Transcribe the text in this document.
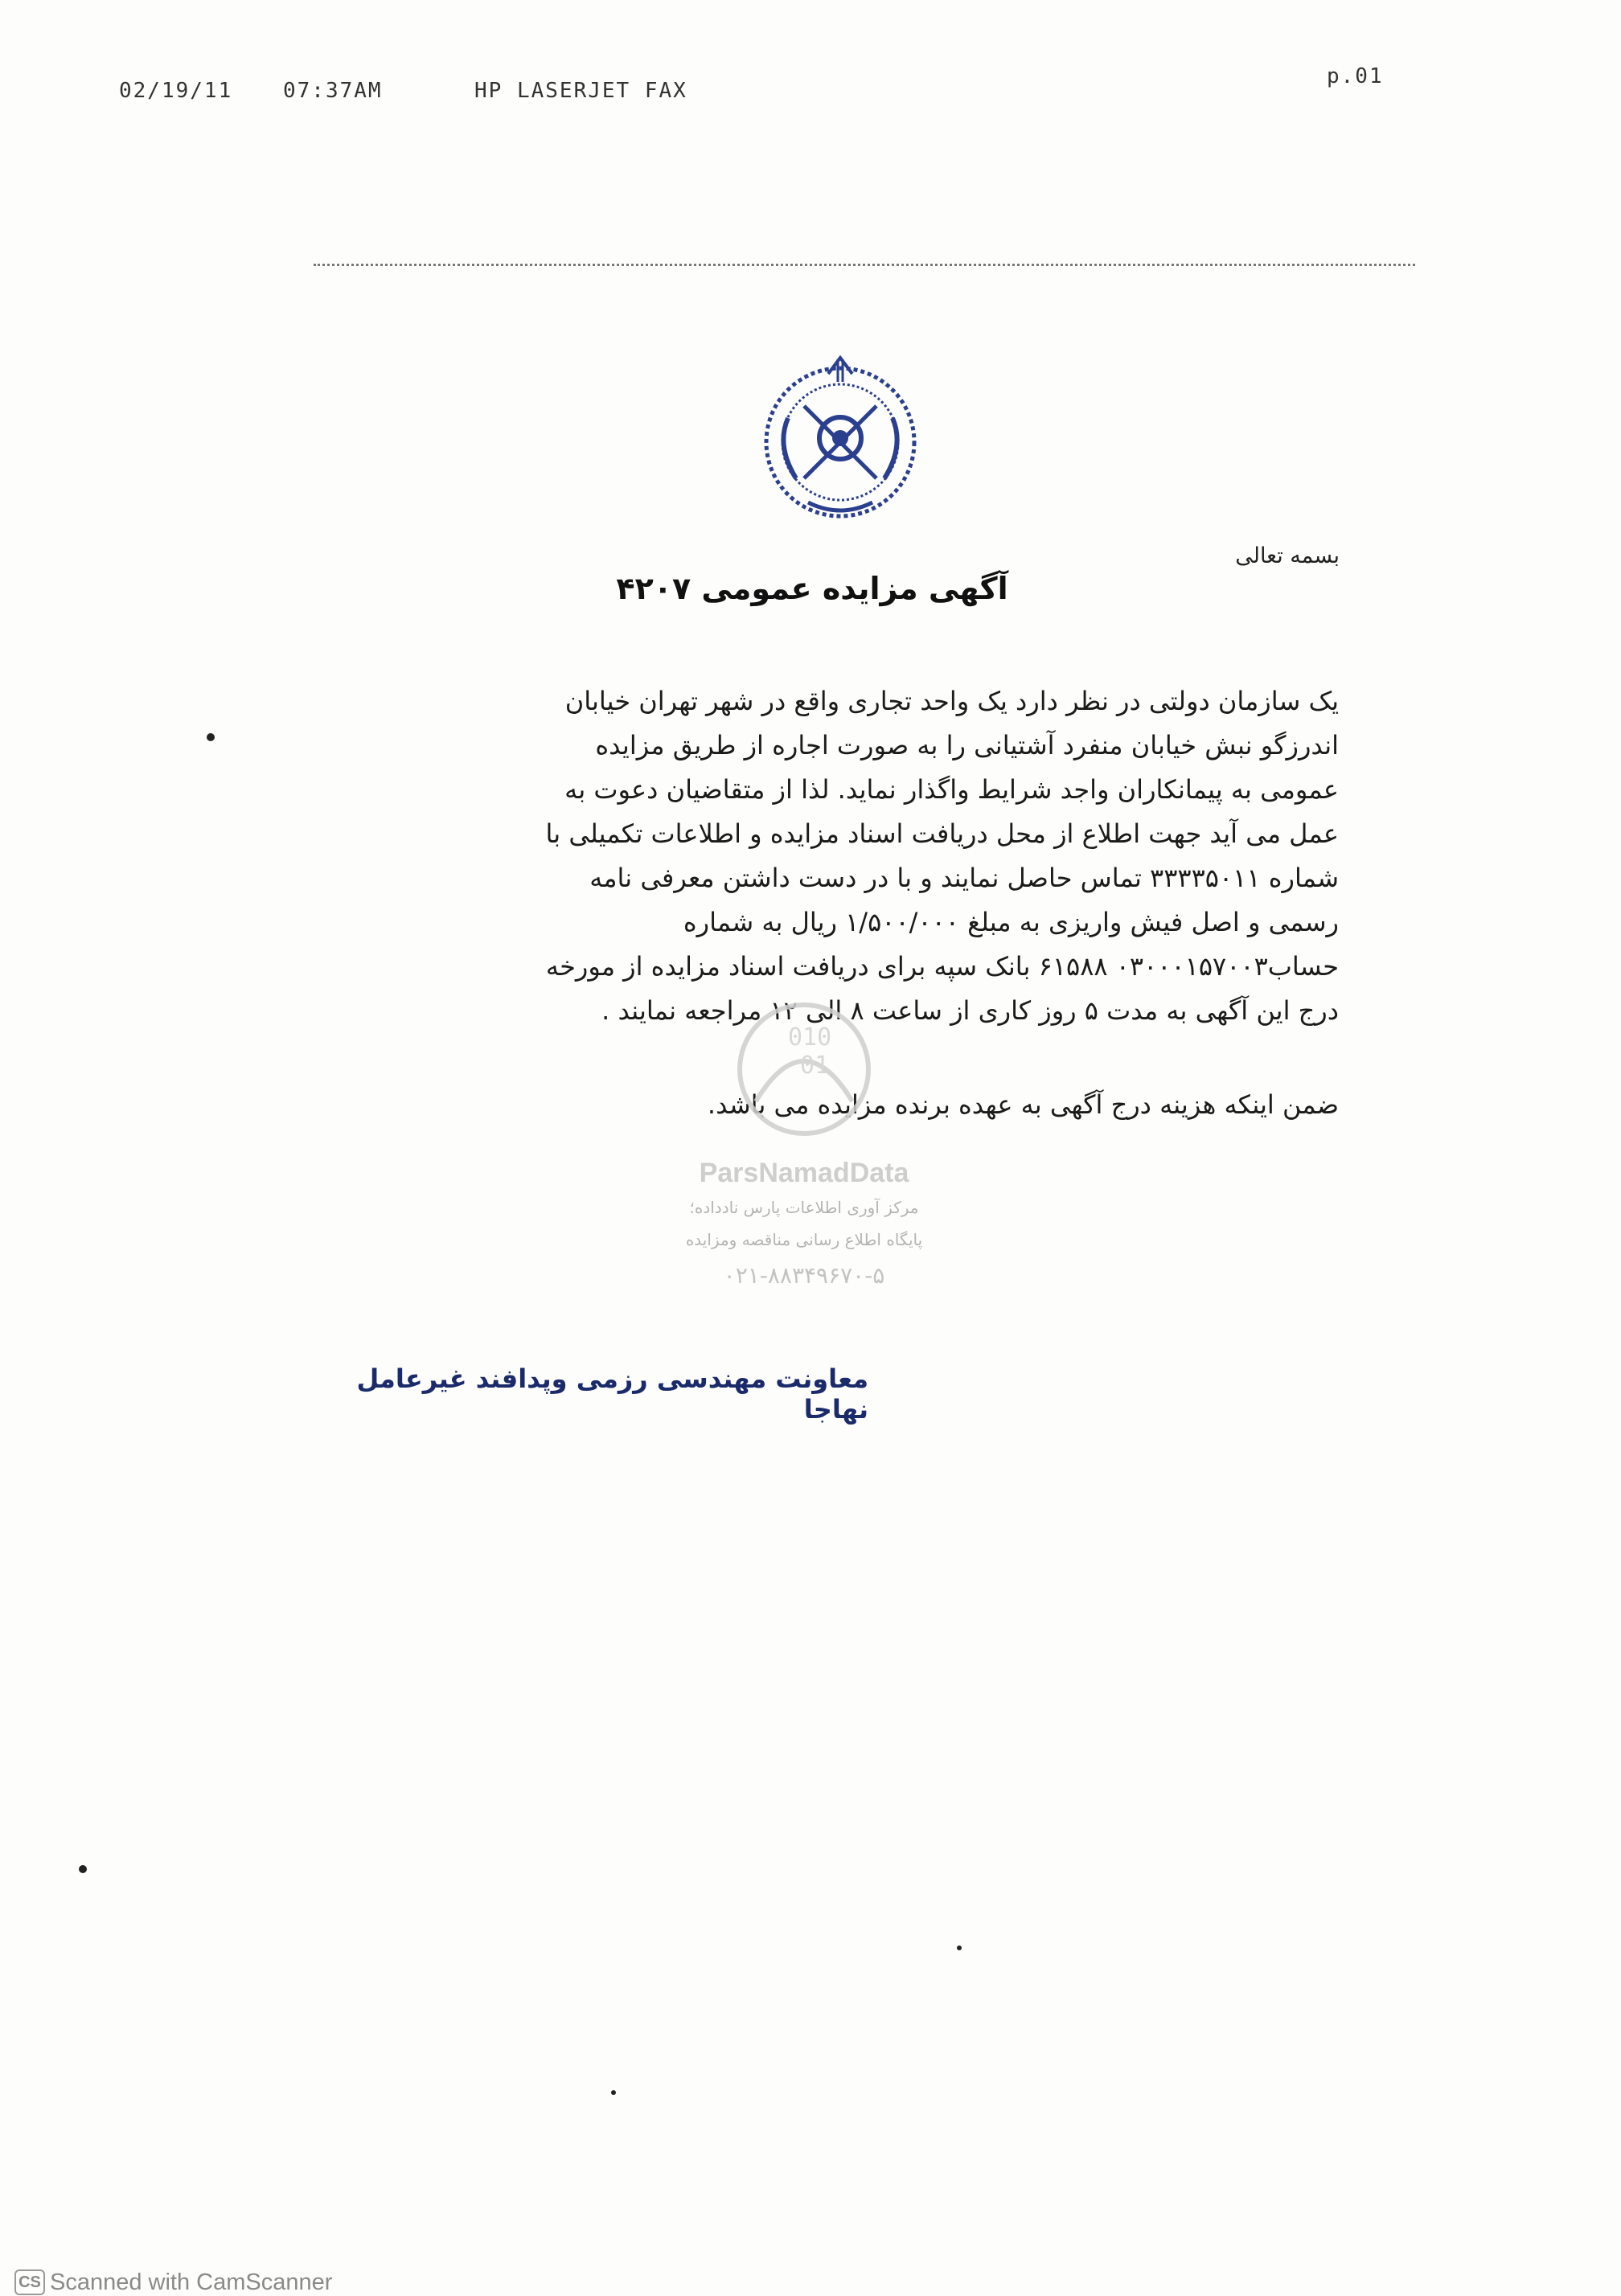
02/19/11 07:37AM	HP LASERJET FAX
p.01
بسمه تعالی
آگهی مزایده عمومی ۴۲۰۷
یک سازمان دولتی در نظر دارد یک واحد تجاری واقع در شهر تهران خیابان
اندرزگو نبش خیابان منفرد آشتیانی را به صورت اجاره از طریق مزایده
عمومی به پیمانکاران واجد شرایط واگذار نماید. لذا از متقاضیان دعوت به
عمل می آید جهت اطلاع از محل دریافت اسناد مزایده و اطلاعات تکمیلی با
شماره ۳۳۳۳۵۰۱۱ تماس حاصل نمایند و با در دست داشتن معرفی نامه
رسمی و اصل فیش واریزی به مبلغ ۱/۵۰۰/۰۰۰ ریال به شماره
حساب۰۳۰۰۰۱۵۷۰۰۳ ۶۱۵۸۸ بانک سپه برای دریافت اسناد مزایده از مورخه
درج این آگهی به مدت ۵ روز کاری از ساعت ۸ الی ۱۲ مراجعه نمایند .
ضمن اینکه هزینه درج آگهی به عهده برنده مزایده می باشد.
010
01
ParsNamadData
مرکز آوری اطلاعات پارس نادداده؛
پایگاه اطلاع رسانی مناقصه ومزایده
۰۲۱-۸۸۳۴۹۶۷۰-۵
معاونت مهندسی رزمی وپدافند غیرعامل نهاجا
CS Scanned with CamScanner
